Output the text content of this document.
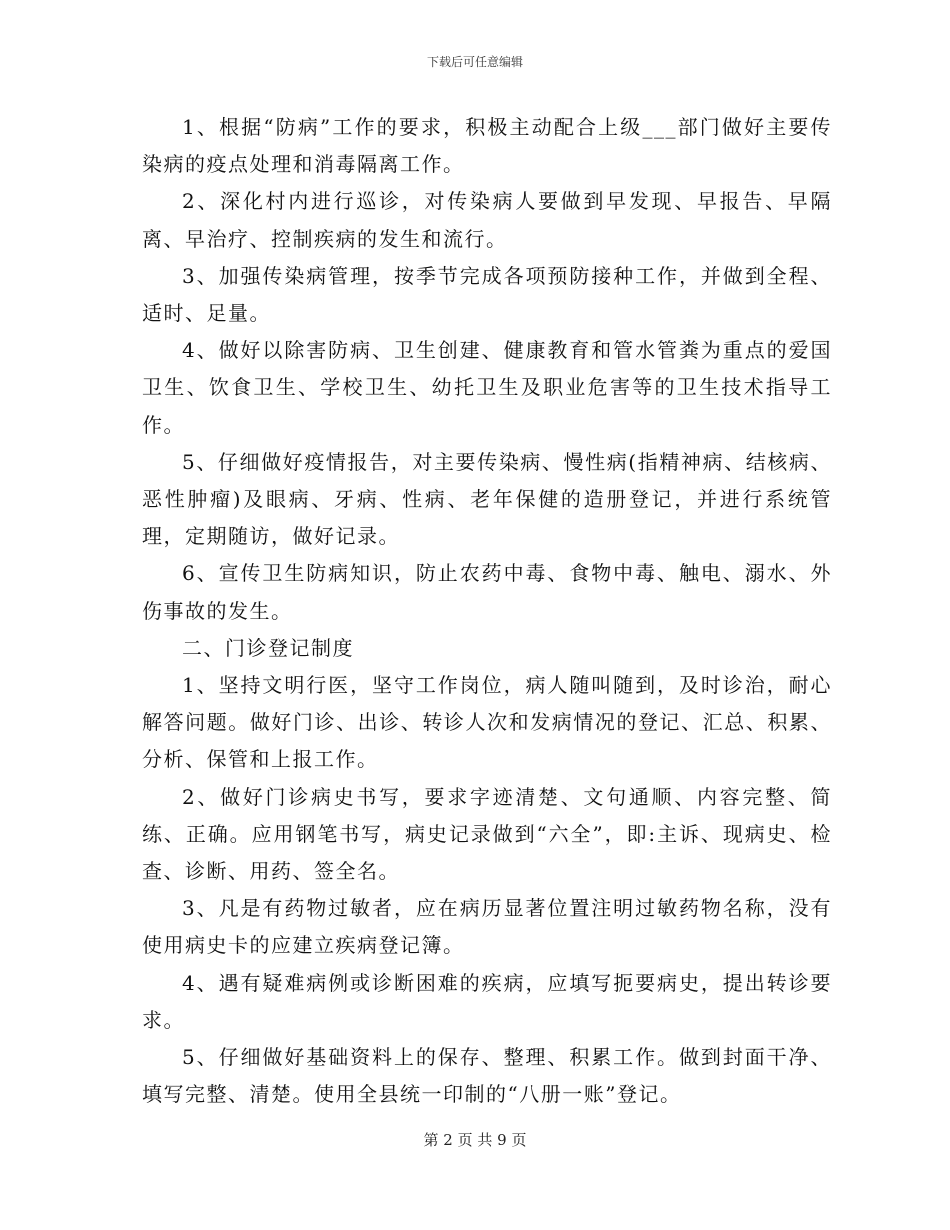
下载后可任意编辑

1、根据“防病”工作的要求，积极主动配合上级___部门做好主要传染病的疫点处理和消毒隔离工作。

2、深化村内进行巡诊，对传染病人要做到早发现、早报告、早隔离、早治疗、控制疾病的发生和流行。

3、加强传染病管理，按季节完成各项预防接种工作，并做到全程、适时、足量。

4、做好以除害防病、卫生创建、健康教育和管水管粪为重点的爱国卫生、饮食卫生、学校卫生、幼托卫生及职业危害等的卫生技术指导工作。

5、仔细做好疫情报告，对主要传染病、慢性病(指精神病、结核病、恶性肿瘤)及眼病、牙病、性病、老年保健的造册登记，并进行系统管理，定期随访，做好记录。

6、宣传卫生防病知识，防止农药中毒、食物中毒、触电、溺水、外伤事故的发生。

二、门诊登记制度

1、坚持文明行医，坚守工作岗位，病人随叫随到，及时诊治，耐心解答问题。做好门诊、出诊、转诊人次和发病情况的登记、汇总、积累、分析、保管和上报工作。

2、做好门诊病史书写，要求字迹清楚、文句通顺、内容完整、简练、正确。应用钢笔书写，病史记录做到“六全”，即:主诉、现病史、检查、诊断、用药、签全名。

3、凡是有药物过敏者，应在病历显著位置注明过敏药物名称，没有使用病史卡的应建立疾病登记簿。

4、遇有疑难病例或诊断困难的疾病，应填写扼要病史，提出转诊要求。

5、仔细做好基础资料上的保存、整理、积累工作。做到封面干净、填写完整、清楚。使用全县统一印制的“八册一账”登记。

第 2 页 共 9 页
